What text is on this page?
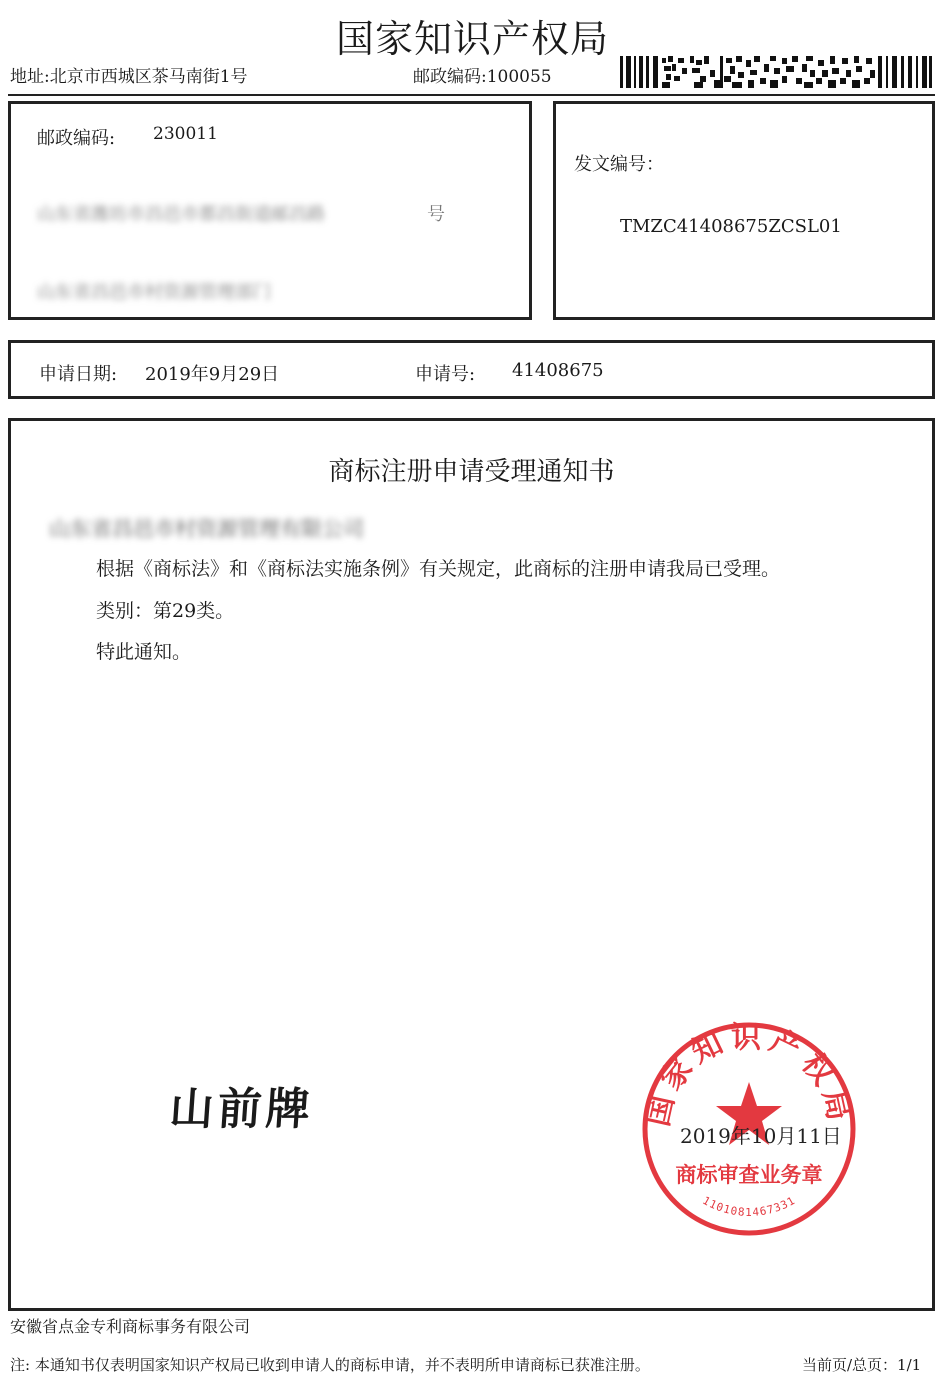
国家知识产权局
地址:北京市西城区茶马南街1号	邮政编码:100055
邮政编码: 230011
山东省潍坊市昌邑市都昌街道邮昌路	号
山东省昌邑市村资源管理部门
发文编号：
TMZC41408675ZCSL01
申请日期: 2019年9月29日	申请号: 41408675
商标注册申请受理通知书
山东省昌邑市村资源管理有限公司
根据《商标法》和《商标法实施条例》有关规定，此商标的注册申请我局已受理。
类别：第29类。
特此通知。
山前牌	国家知识产权局
商标审查业务章
1101081467331
2019年10月11日
安徽省点金专利商标事务有限公司
注: 本通知书仅表明国家知识产权局已收到申请人的商标申请，并不表明所申请商标已获准注册。	当前页/总页：1/1
